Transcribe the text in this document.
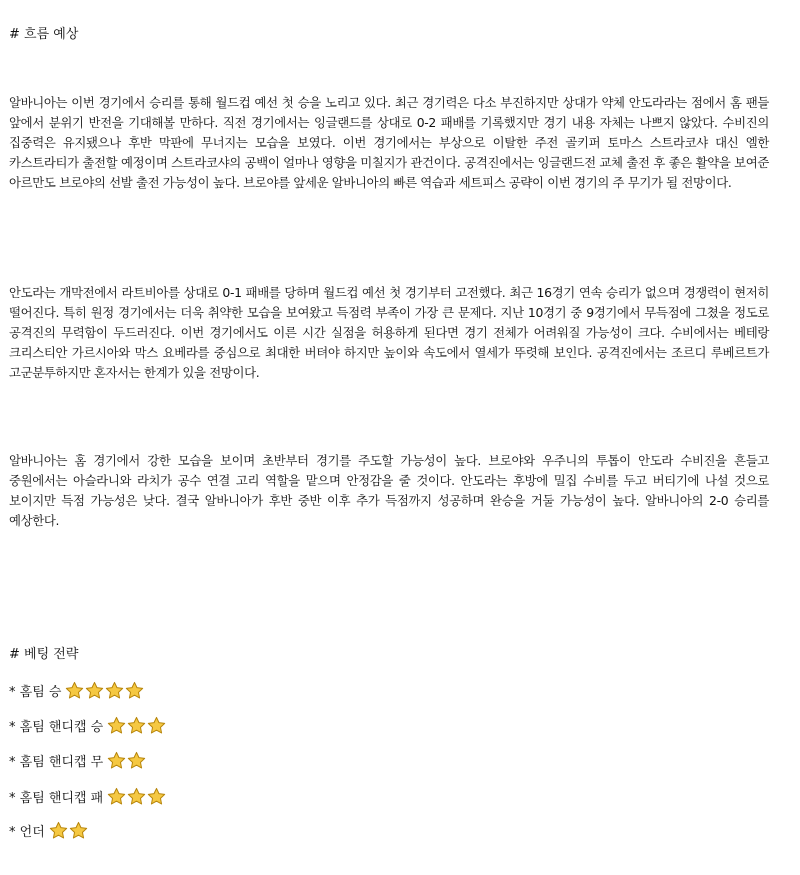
# 흐름 예상

알바니아는 이번 경기에서 승리를 통해 월드컵 예선 첫 승을 노리고 있다. 최근 경기력은 다소 부진하지만 상대가 약체 안도라라는 점에서 홈 팬들 앞에서 분위기 반전을 기대해볼 만하다. 직전 경기에서는 잉글랜드를 상대로 0-2 패배를 기록했지만 경기 내용 자체는 나쁘지 않았다. 수비진의 집중력은 유지됐으나 후반 막판에 무너지는 모습을 보였다. 이번 경기에서는 부상으로 이탈한 주전 골키퍼 토마스 스트라코샤 대신 엘한 카스트라티가 출전할 예정이며 스트라코샤의 공백이 얼마나 영향을 미칠지가 관건이다. 공격진에서는 잉글랜드전 교체 출전 후 좋은 활약을 보여준 아르만도 브로야의 선발 출전 가능성이 높다. 브로야를 앞세운 알바니아의 빠른 역습과 세트피스 공략이 이번 경기의 주 무기가 될 전망이다.

안도라는 개막전에서 라트비아를 상대로 0-1 패배를 당하며 월드컵 예선 첫 경기부터 고전했다. 최근 16경기 연속 승리가 없으며 경쟁력이 현저히 떨어진다. 특히 원정 경기에서는 더욱 취약한 모습을 보여왔고 득점력 부족이 가장 큰 문제다. 지난 10경기 중 9경기에서 무득점에 그쳤을 정도로 공격진의 무력함이 두드러진다. 이번 경기에서도 이른 시간 실점을 허용하게 된다면 경기 전체가 어려워질 가능성이 크다. 수비에서는 베테랑 크리스티안 가르시아와 막스 요베라를 중심으로 최대한 버텨야 하지만 높이와 속도에서 열세가 뚜렷해 보인다. 공격진에서는 조르디 루베르트가 고군분투하지만 혼자서는 한계가 있을 전망이다.

알바니아는 홈 경기에서 강한 모습을 보이며 초반부터 경기를 주도할 가능성이 높다. 브로야와 우주니의 투톱이 안도라 수비진을 흔들고 중원에서는 아슬라니와 라치가 공수 연결 고리 역할을 맡으며 안정감을 줄 것이다. 안도라는 후방에 밀집 수비를 두고 버티기에 나설 것으로 보이지만 득점 가능성은 낮다. 결국 알바니아가 후반 중반 이후 추가 득점까지 성공하며 완승을 거둘 가능성이 높다. 알바니아의 2-0 승리를 예상한다.

# 베팅 전략
* 홈팀 승
* 홈팀 핸디캡 승
* 홈팀 핸디캡 무
* 홈팀 핸디캡 패
* 언더
